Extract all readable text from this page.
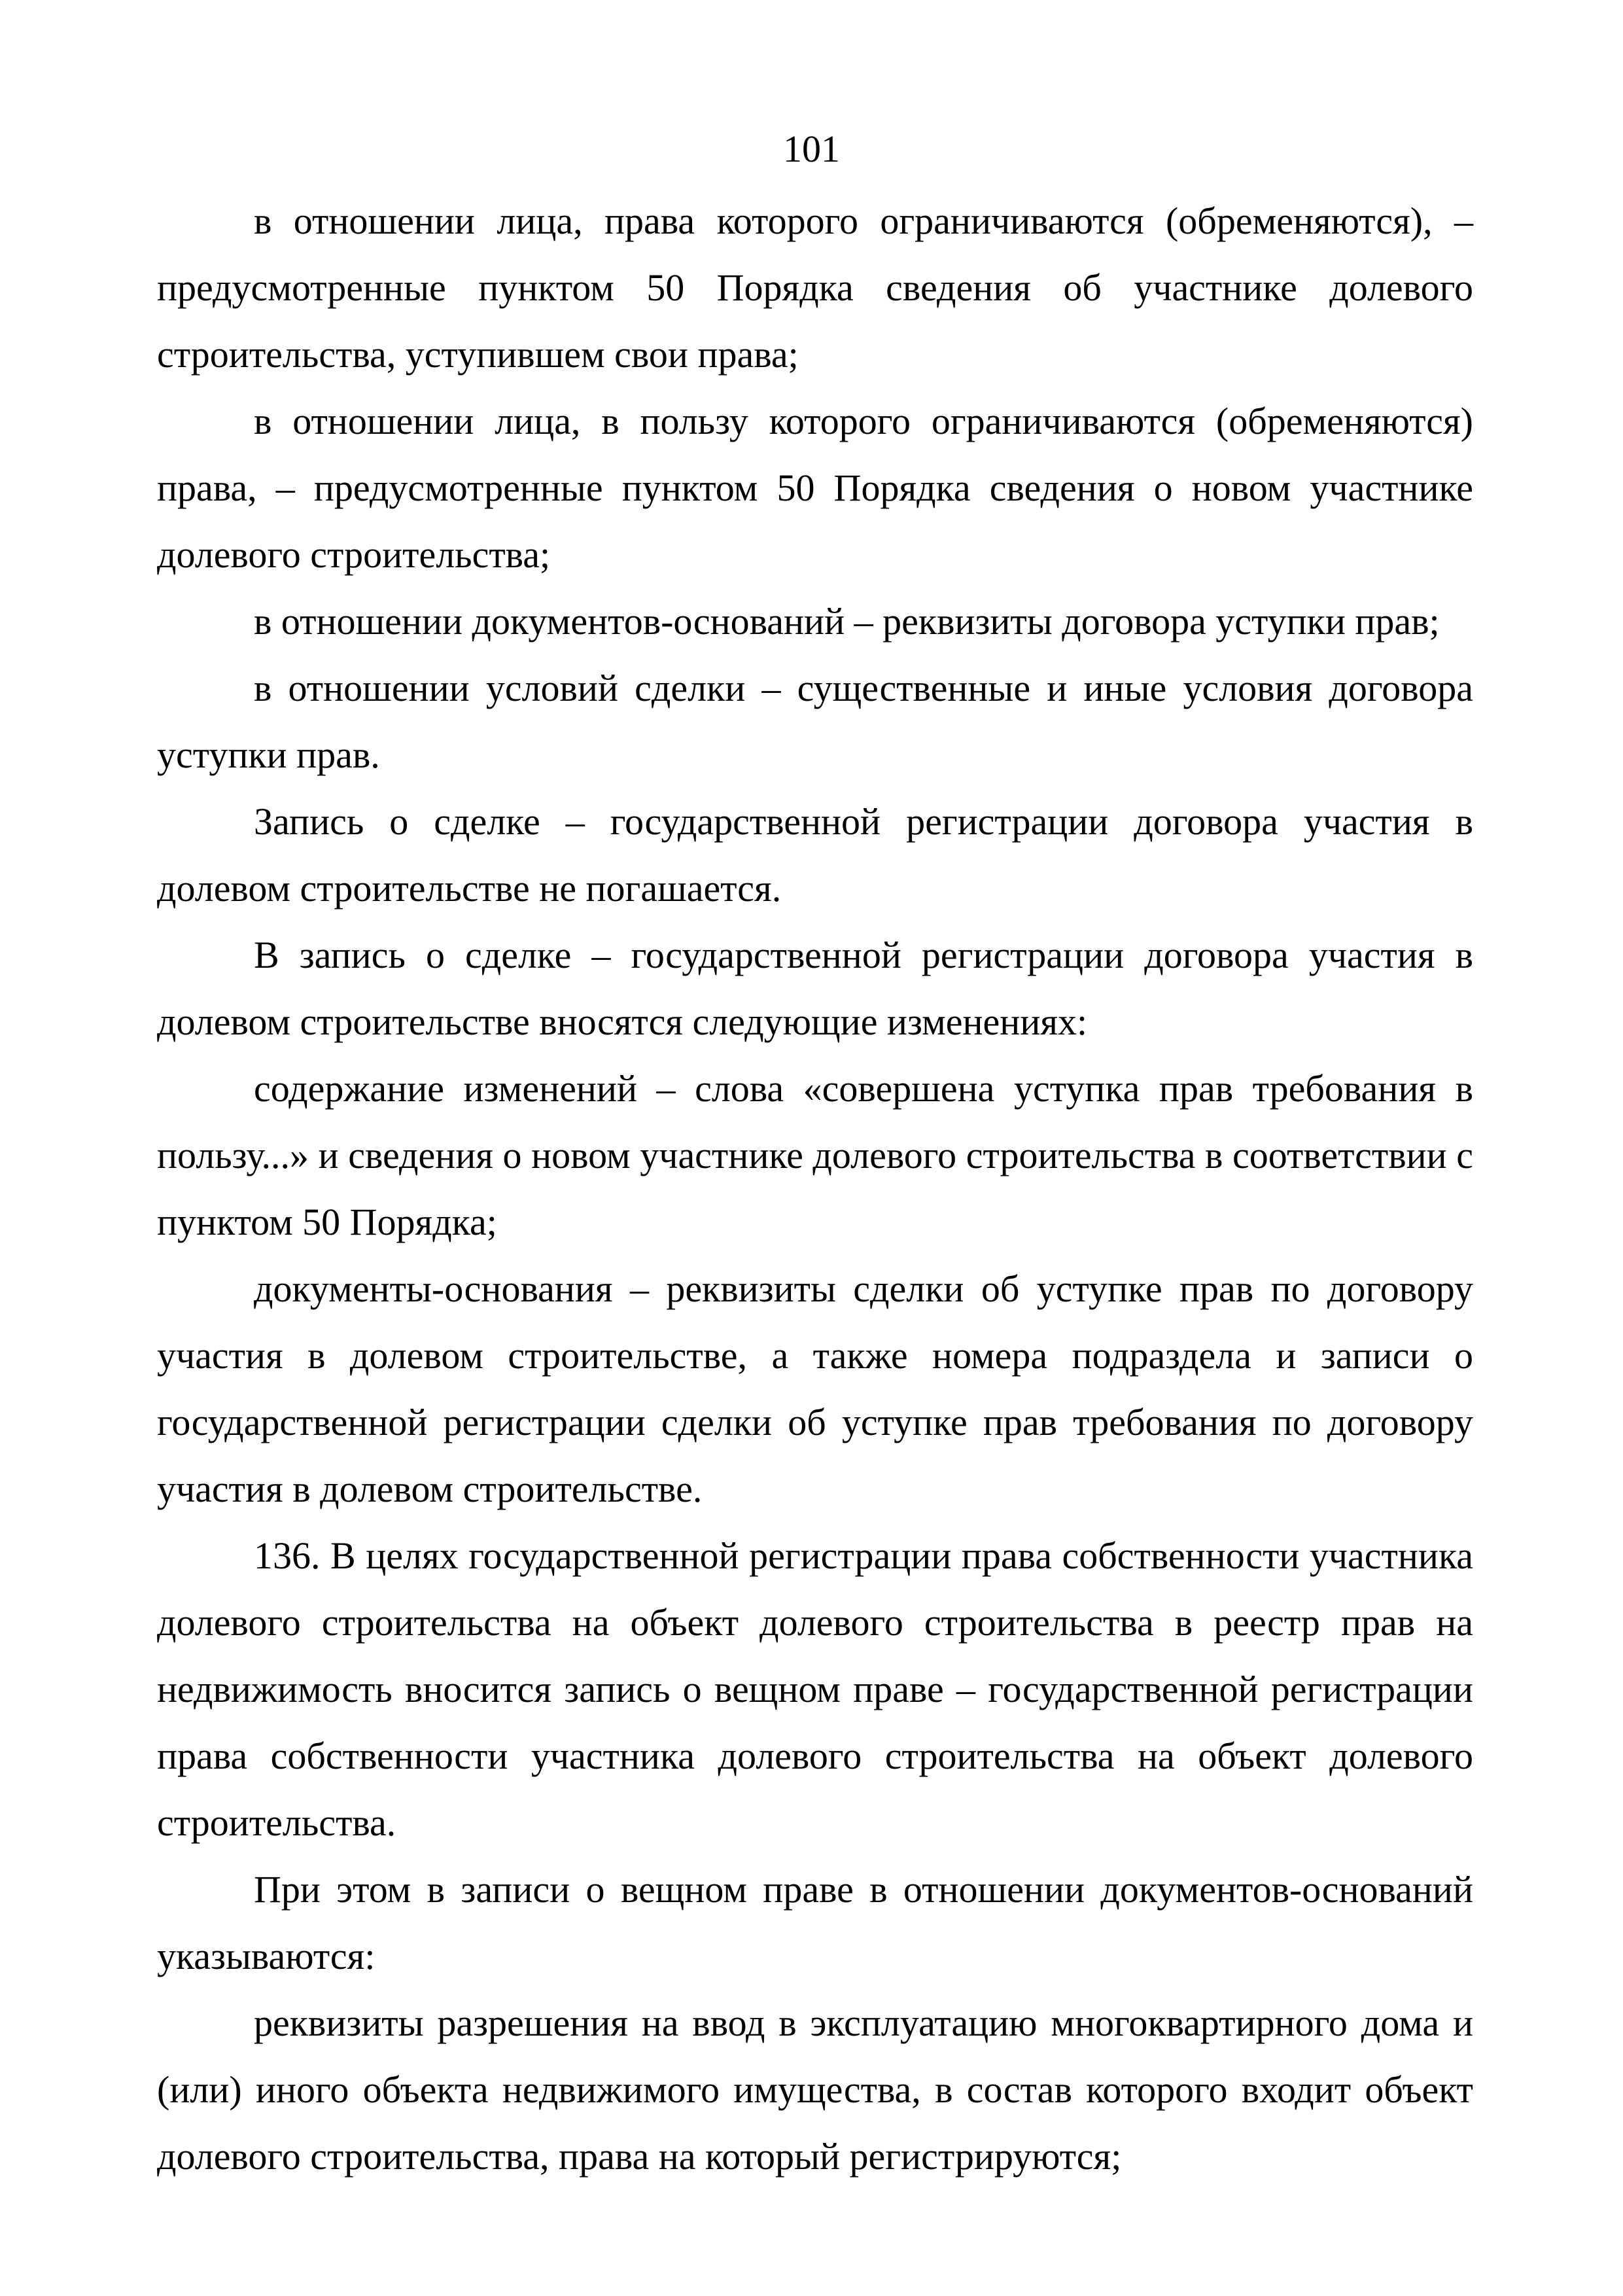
101

в отношении лица, права которого ограничиваются (обременяются), – предусмотренные пунктом 50 Порядка сведения об участнике долевого строительства, уступившем свои права;

в отношении лица, в пользу которого ограничиваются (обременяются) права, – предусмотренные пунктом 50 Порядка сведения о новом участнике долевого строительства;

в отношении документов-оснований – реквизиты договора уступки прав;

в отношении условий сделки – существенные и иные условия договора уступки прав.

Запись о сделке – государственной регистрации договора участия в долевом строительстве не погашается.

В запись о сделке – государственной регистрации договора участия в долевом строительстве вносятся следующие изменениях:

содержание изменений – слова «совершена уступка прав требования в пользу...» и сведения о новом участнике долевого строительства в соответствии с пунктом 50 Порядка;

документы-основания – реквизиты сделки об уступке прав по договору участия в долевом строительстве, а также номера подраздела и записи о государственной регистрации сделки об уступке прав требования по договору участия в долевом строительстве.

136. В целях государственной регистрации права собственности участника долевого строительства на объект долевого строительства в реестр прав на недвижимость вносится запись о вещном праве – государственной регистрации права собственности участника долевого строительства на объект долевого строительства.

При этом в записи о вещном праве в отношении документов-оснований указываются:

реквизиты разрешения на ввод в эксплуатацию многоквартирного дома и (или) иного объекта недвижимого имущества, в состав которого входит объект долевого строительства, права на который регистрируются;
